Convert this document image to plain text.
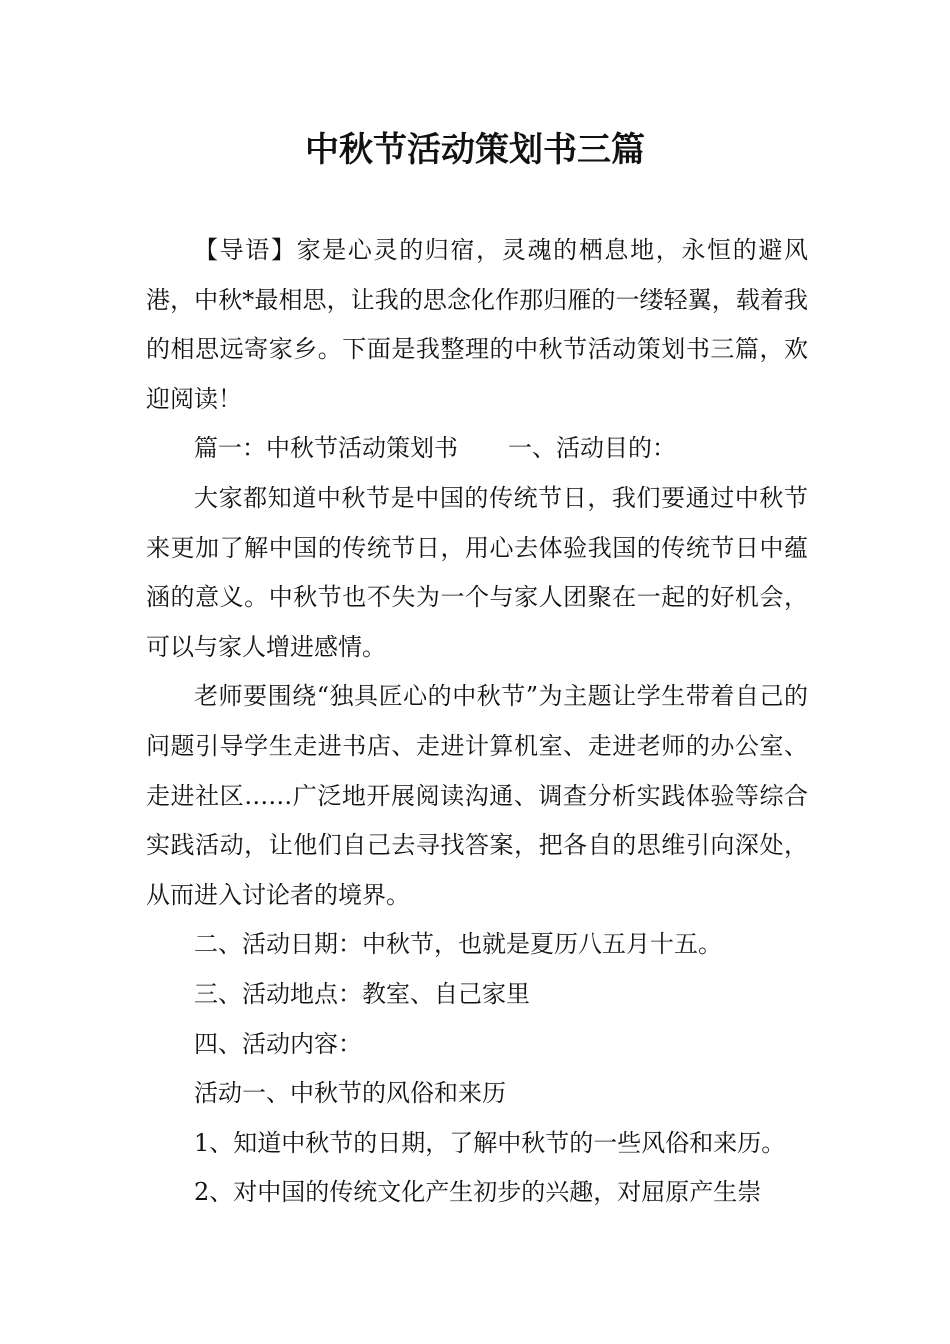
中秋节活动策划书三篇

【导语】家是心灵的归宿，灵魂的栖息地，永恒的避风港，中秋*最相思，让我的思念化作那归雁的一缕轻翼，载着我的相思远寄家乡。下面是我整理的中秋节活动策划书三篇，欢迎阅读！

篇一：中秋节活动策划书 一、活动目的：

大家都知道中秋节是中国的传统节日，我们要通过中秋节来更加了解中国的传统节日，用心去体验我国的传统节日中蕴涵的意义。中秋节也不失为一个与家人团聚在一起的好机会，可以与家人增进感情。

老师要围绕“独具匠心的中秋节”为主题让学生带着自己的问题引导学生走进书店、走进计算机室、走进老师的办公室、走进社区……广泛地开展阅读沟通、调查分析实践体验等综合实践活动，让他们自己去寻找答案，把各自的思维引向深处，从而进入讨论者的境界。

二、活动日期：中秋节，也就是夏历八五月十五。

三、活动地点：教室、自己家里

四、活动内容：

活动一、中秋节的风俗和来历

1、知道中秋节的日期，了解中秋节的一些风俗和来历。

2、对中国的传统文化产生初步的兴趣，对屈原产生崇
